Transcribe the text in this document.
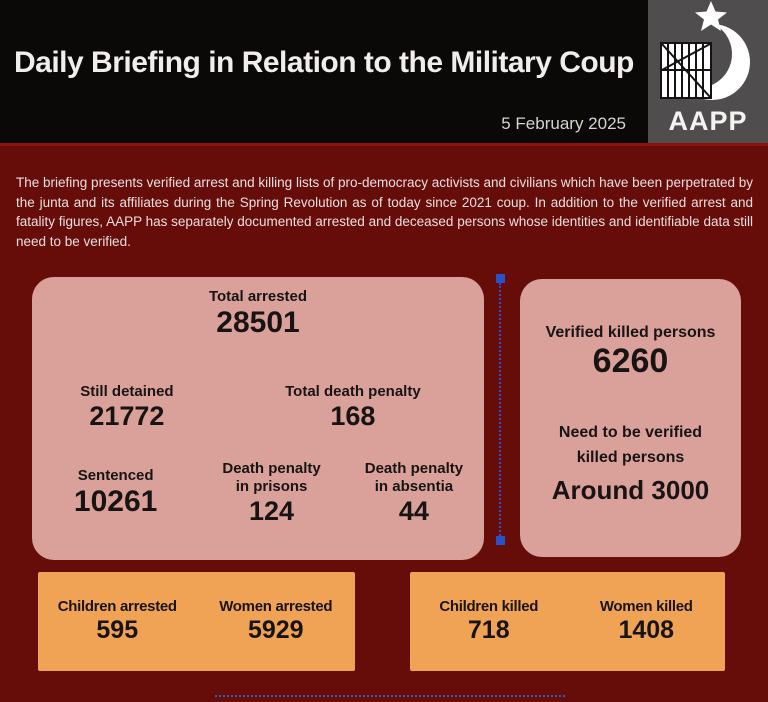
Daily Briefing in Relation to the Military Coup
5 February 2025 AAPP
The briefing presents verified arrest and killing lists of pro-democracy activists and civilians which have been perpetrated by the junta and its affiliates during the Spring Revolution as of today since 2021 coup. In addition to the verified arrest and fatality figures, AAPP has separately documented arrested and deceased persons whose identities and identifiable data still need to be verified.
Total arrested
28501
Still detained
21772
Total death penalty
168
Sentenced
10261
Death penalty
in prisons
124
Death penalty
in absentia
44
Verified killed persons
6260
Need to be verified
killed persons
Around 3000
Children arrested
595
Women arrested
5929
Children killed
718
Women killed
1408
